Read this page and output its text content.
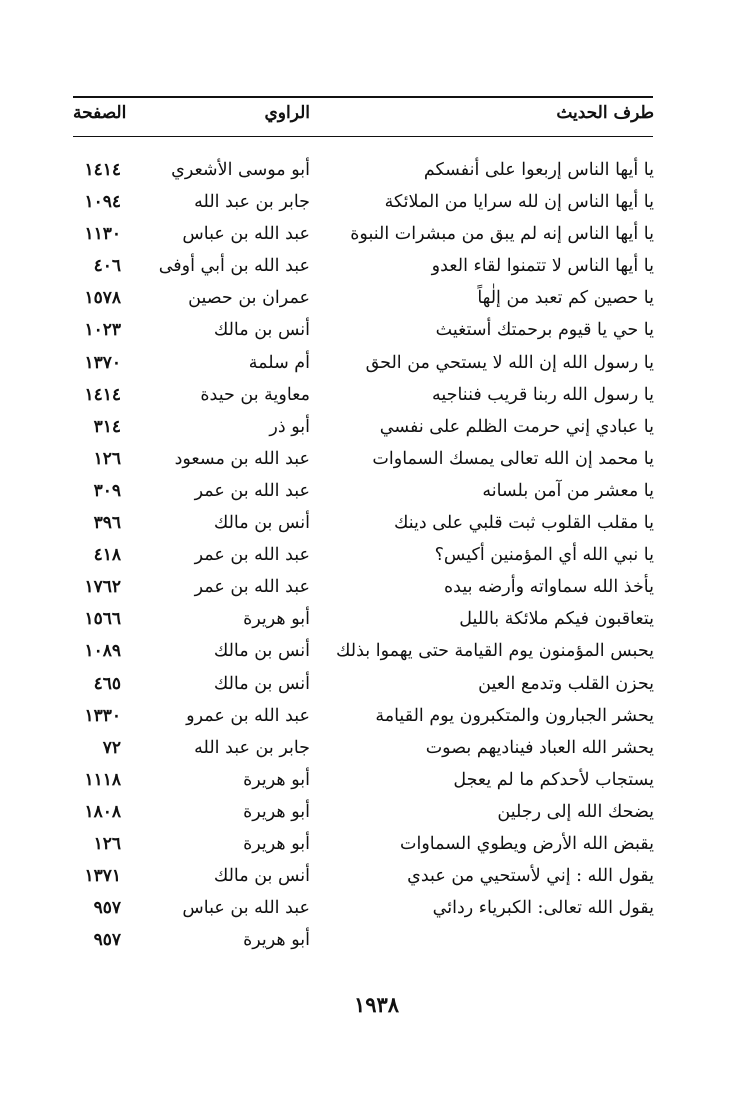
طرف الحديث
الراوي
الصفحة
يا أيها الناس إربعوا على أنفسكم
أبو موسى الأشعري
١٤١٤
يا أيها الناس إن لله سرايا من الملائكة
جابر بن عبد الله
١٠٩٤
يا أيها الناس إنه لم يبق من مبشرات النبوة
عبد الله بن عباس
١١٣٠
يا أيها الناس لا تتمنوا لقاء العدو
عبد الله بن أبي أوفى
٤٠٦
يا حصين كم تعبد من إلٰهاً
عمران بن حصين
١٥٧٨
يا حي يا قيوم برحمتك أستغيث
أنس بن مالك
١٠٢٣
يا رسول الله إن الله لا يستحي من الحق
أم سلمة
١٣٧٠
يا رسول الله ربنا قريب فنناجيه
معاوية بن حيدة
١٤١٤
يا عبادي إني حرمت الظلم على نفسي
أبو ذر
٣١٤
يا محمد إن الله تعالى يمسك السماوات
عبد الله بن مسعود
١٢٦
يا معشر من آمن بلسانه
عبد الله بن عمر
٣٠٩
يا مقلب القلوب ثبت قلبي على دينك
أنس بن مالك
٣٩٦
يا نبي الله أي المؤمنين أكيس؟
عبد الله بن عمر
٤١٨
يأخذ الله سماواته وأرضه بيده
عبد الله بن عمر
١٧٦٢
يتعاقبون فيكم ملائكة بالليل
أبو هريرة
١٥٦٦
يحبس المؤمنون يوم القيامة حتى يهموا بذلك
أنس بن مالك
١٠٨٩
يحزن القلب وتدمع العين
أنس بن مالك
٤٦٥
يحشر الجبارون والمتكبرون يوم القيامة
عبد الله بن عمرو
١٣٣٠
يحشر الله العباد فيناديهم بصوت
جابر بن عبد الله
٧٢
يستجاب لأحدكم ما لم يعجل
أبو هريرة
١١١٨
يضحك الله إلى رجلين
أبو هريرة
١٨٠٨
يقبض الله الأرض ويطوي السماوات
أبو هريرة
١٢٦
يقول الله : إني لأستحيي من عبدي
أنس بن مالك
١٣٧١
يقول الله تعالى: الكبرياء ردائي
عبد الله بن عباس
٩٥٧
أبو هريرة
٩٥٧
١٩٣٨
